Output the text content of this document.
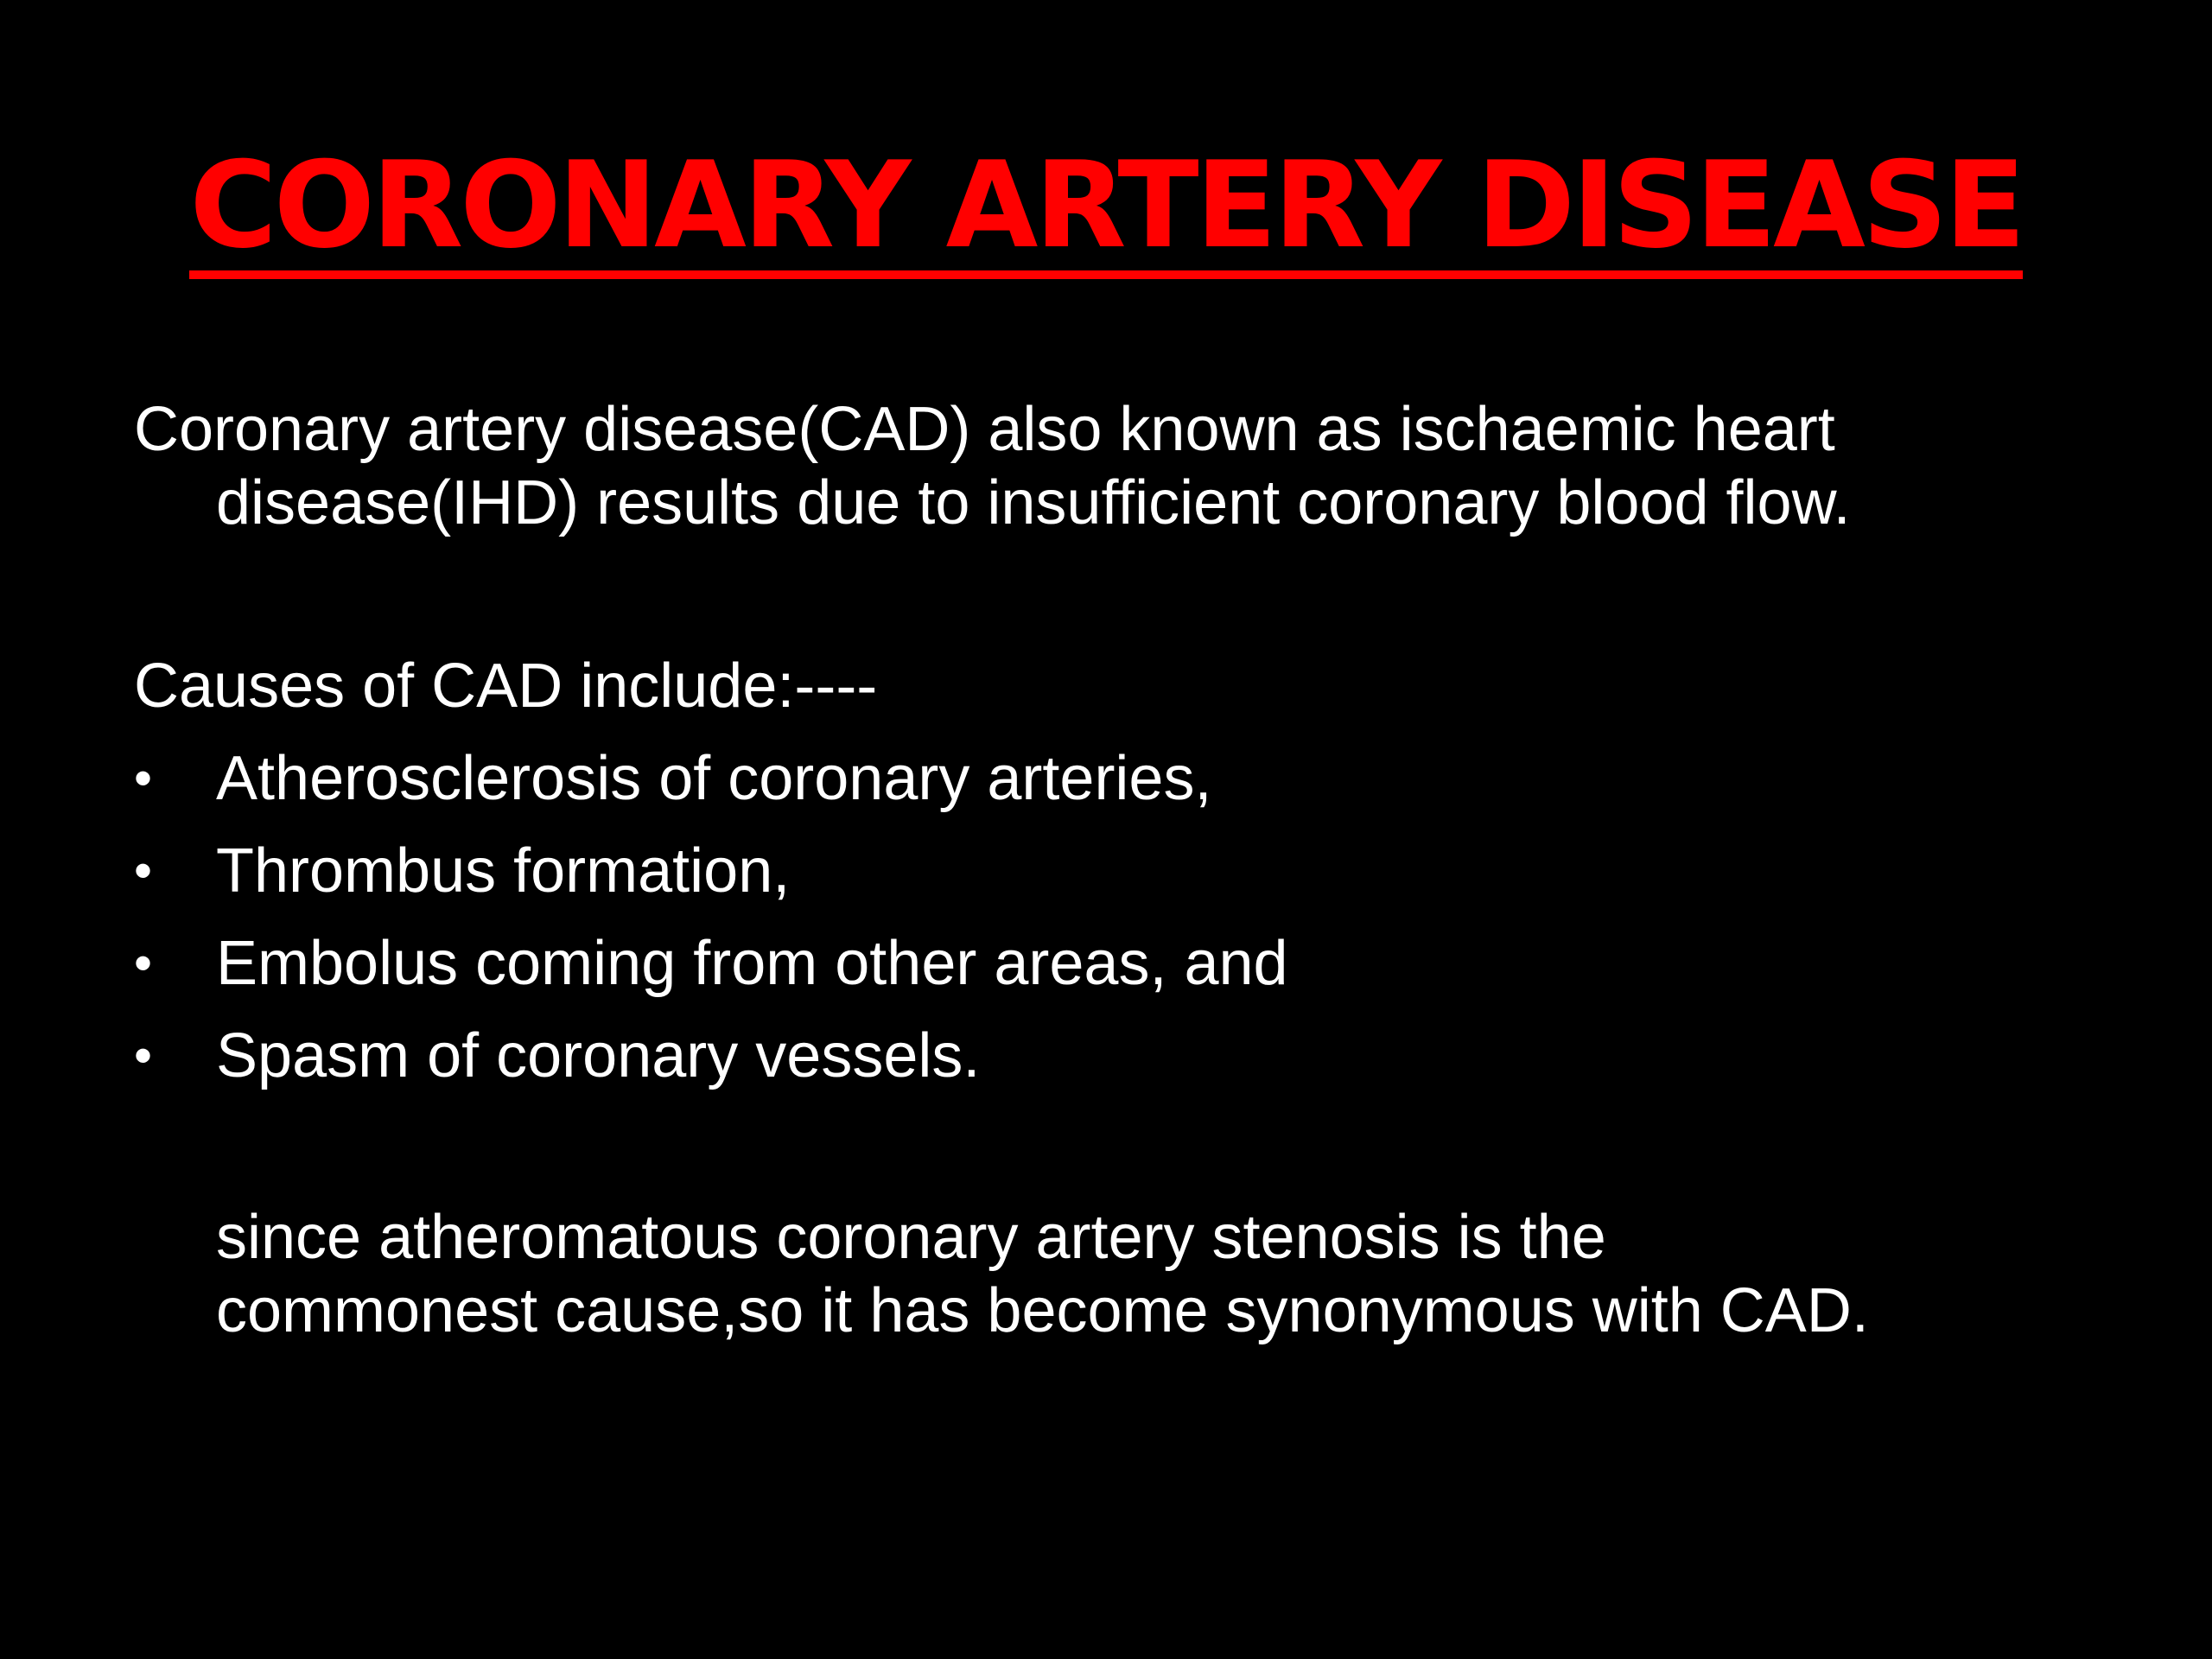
CORONARY ARTERY DISEASE
Coronary artery disease(CAD) also known as ischaemic heart disease(IHD) results due to insufficient coronary blood flow.
Causes of CAD include:----
• Atherosclerosis of coronary arteries,
• Thrombus formation,
• Embolus coming from other areas, and
• Spasm of coronary vessels.
since atheromatous coronary artery stenosis is the
commonest cause,so it has become synonymous with CAD.
